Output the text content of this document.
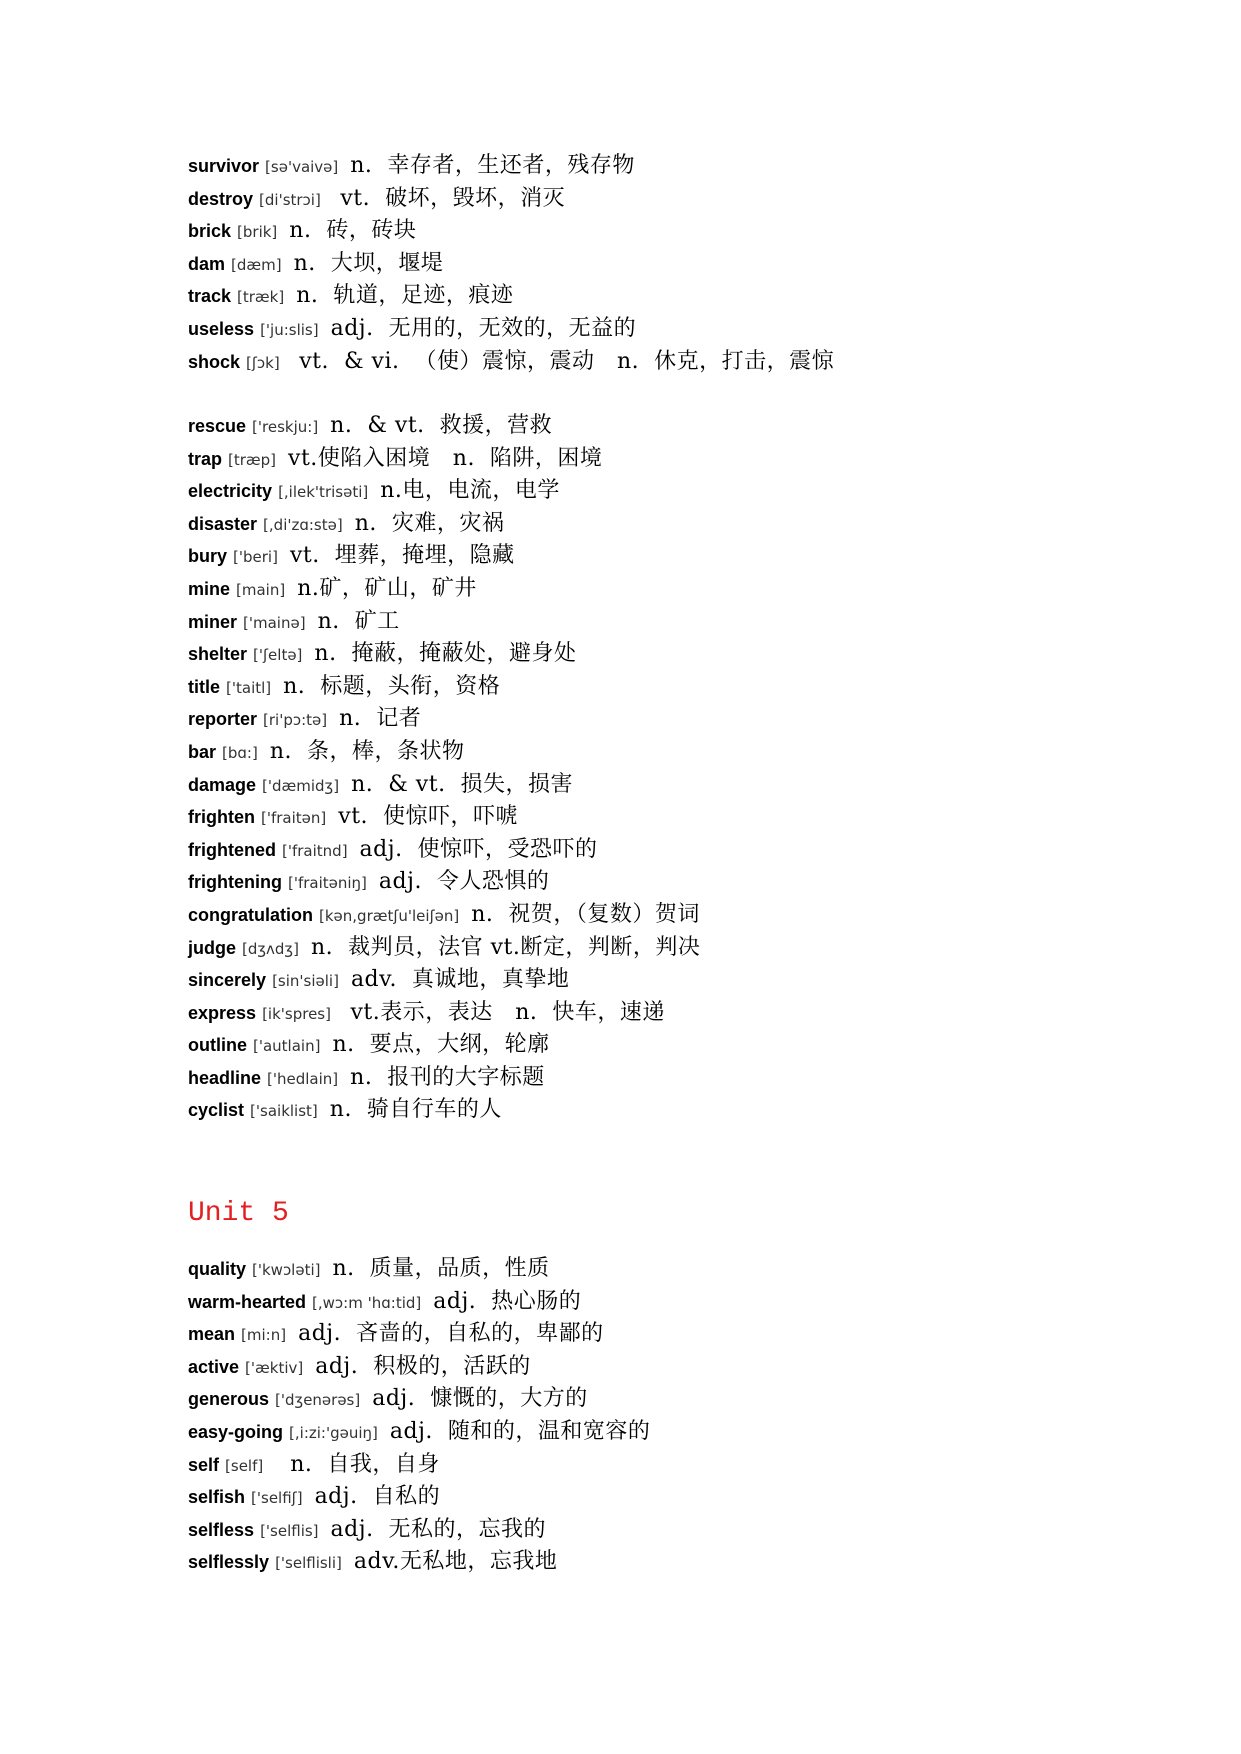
survivor [sə'vaivə] n.  幸存者，生还者，残存物
destroy [di'strɔi] vt.  破坏，毁坏，消灭
brick [brik] n.  砖，砖块
dam [dæm] n.  大坝，堰堤
track [træk] n.  轨道，足迹，痕迹
useless ['ju:slis] adj.  无用的，无效的，无益的
shock [ʃɔk] vt.  & vi.  （使）震惊，震动   n.  休克，打击，震惊
rescue ['reskju:] n.  & vt.  救援，营救
trap [træp] vt.使陷入困境   n.  陷阱，困境
electricity [,ilek'trisəti] n.电，电流，电学
disaster [,di'zɑ:stə] n.  灾难，灾祸
bury ['beri] vt.  埋葬，掩埋，隐藏
mine [main] n.矿，矿山，矿井
miner ['mainə] n.  矿工
shelter ['ʃeltə] n.  掩蔽，掩蔽处，避身处
title ['taitl] n.  标题，头衔，资格
reporter [ri'pɔ:tə] n.  记者
bar [bɑ:] n.  条，棒，条状物
damage ['dæmidʒ] n.  & vt.  损失，损害
frighten ['fraitən] vt.  使惊吓，吓唬
frightened ['fraitnd] adj.  使惊吓，受恐吓的
frightening ['fraitəniŋ] adj.  令人恐惧的
congratulation [kən,grætʃu'leiʃən] n.  祝贺，（复数）贺词
judge [dʒʌdʒ] n.  裁判员，法官 vt.断定，判断，判决
sincerely [sin'siəli] adv.  真诚地，真挚地
express [ik'spres] vt.表示，表达   n.  快车，速递
outline ['autlain] n.  要点，大纲，轮廓
headline ['hedlain] n.  报刊的大字标题
cyclist ['saiklist] n.  骑自行车的人
Unit 5
quality ['kwɔləti] n.  质量，品质，性质
warm-hearted [,wɔ:m 'hɑ:tid] adj.  热心肠的
mean [mi:n] adj.  吝啬的，自私的，卑鄙的
active ['æktiv] adj.  积极的，活跃的
generous ['dʒenərəs] adj.  慷慨的，大方的
easy-going [,i:zi:'gəuiŋ] adj.  随和的，温和宽容的
self [self] n.  自我，自身
selfish ['selfiʃ] adj.  自私的
selfless ['selflis] adj.  无私的，忘我的
selflessly ['selflisli] adv.无私地，忘我地
